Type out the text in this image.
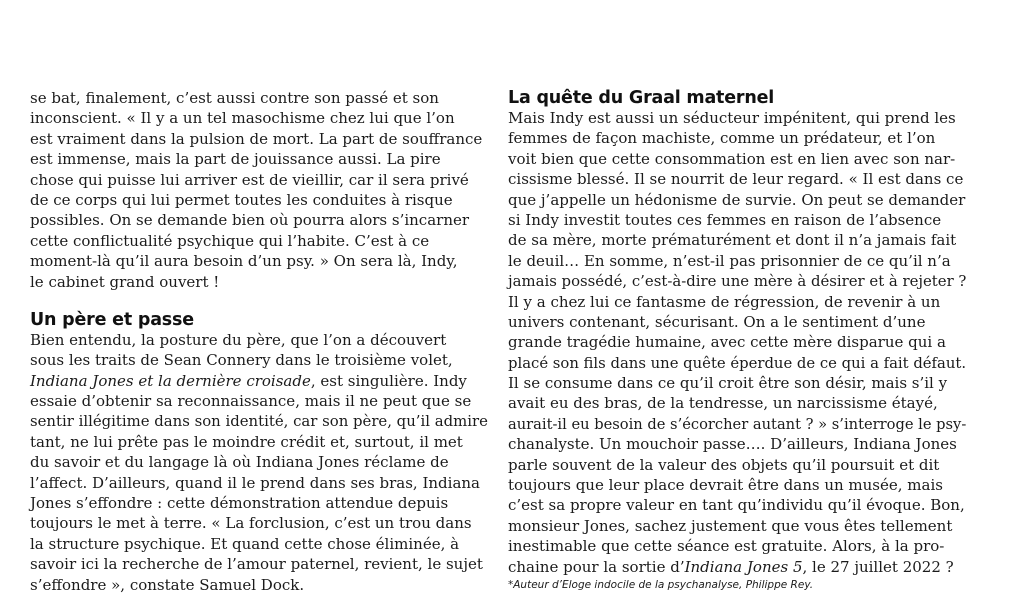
se bat, finalement, c’est aussi contre son passé et son
inconscient. « Il y a un tel masochisme chez lui que l’on
est vraiment dans la pulsion de mort. La part de souffrance
est immense, mais la part de jouissance aussi. La pire
chose qui puisse lui arriver est de vieillir, car il sera privé
de ce corps qui lui permet toutes les conduites à risque
possibles. On se demande bien où pourra alors s’incarner
cette conflictualité psychique qui l’habite. C’est à ce
moment-là qu’il aura besoin d’un psy. » On sera là, Indy,
le cabinet grand ouvert !
Un père et passe
Bien entendu, la posture du père, que l’on a découvert
sous les traits de Sean Connery dans le troisième volet,
Indiana Jones et la dernière croisade, est singulière. Indy
essaie d’obtenir sa reconnaissance, mais il ne peut que se
sentir illégitime dans son identité, car son père, qu’il admire
tant, ne lui prête pas le moindre crédit et, surtout, il met
du savoir et du langage là où Indiana Jones réclame de
l’affect. D’ailleurs, quand il le prend dans ses bras, Indiana
Jones s’effondre : cette démonstration attendue depuis
toujours le met à terre. « La forclusion, c’est un trou dans
la structure psychique. Et quand cette chose éliminée, à
savoir ici la recherche de l’amour paternel, revient, le sujet
s’effondre », constate Samuel Dock.
La quête du Graal maternel
Mais Indy est aussi un séducteur impénitent, qui prend les
femmes de façon machiste, comme un prédateur, et l’on
voit bien que cette consommation est en lien avec son nar-
cissisme blessé. Il se nourrit de leur regard. « Il est dans ce
que j’appelle un hédonisme de survie. On peut se demander
si Indy investit toutes ces femmes en raison de l’absence
de sa mère, morte prématurément et dont il n’a jamais fait
le deuil… En somme, n’est-il pas prisonnier de ce qu’il n’a
jamais possédé, c’est-à-dire une mère à désirer et à rejeter ?
Il y a chez lui ce fantasme de régression, de revenir à un
univers contenant, sécurisant. On a le sentiment d’une
grande tragédie humaine, avec cette mère disparue qui a
placé son fils dans une quête éperdue de ce qui a fait défaut.
Il se consume dans ce qu’il croit être son désir, mais s’il y
avait eu des bras, de la tendresse, un narcissisme étayé,
aurait-il eu besoin de s’écorcher autant ? » s’interroge le psy-
chanalyste. Un mouchoir passe…. D’ailleurs, Indiana Jones
parle souvent de la valeur des objets qu’il poursuit et dit
toujours que leur place devrait être dans un musée, mais
c’est sa propre valeur en tant qu’individu qu’il évoque. Bon,
monsieur Jones, sachez justement que vous êtes tellement
inestimable que cette séance est gratuite. Alors, à la pro-
chaine pour la sortie d’Indiana Jones 5, le 27 juillet 2022 ?
*Auteur d’Eloge indocile de la psychanalyse, Philippe Rey.
